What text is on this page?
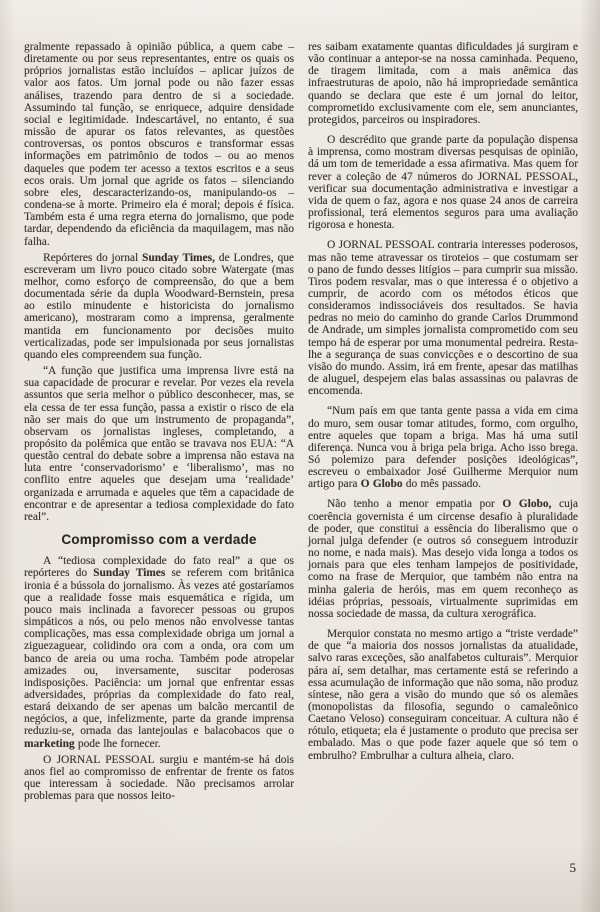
gralmente repassado à opinião pública, a quem cabe – diretamente ou por seus representantes, entre os quais os próprios jornalistas estão incluídos – aplicar juízos de valor aos fatos. Um jornal pode ou não fazer essas análises, trazendo para dentro de si a sociedade. Assumindo tal função, se enriquece, adquire densidade social e legitimidade. Indescartável, no entanto, é sua missão de apurar os fatos relevantes, as questões controversas, os pontos obscuros e transformar essas informações em patrimônio de todos – ou ao menos daqueles que podem ter acesso a textos escritos e a seus ecos orais. Um jornal que agride os fatos – silenciando sobre eles, descaracterizando-os, manipulando-os – condena-se à morte. Primeiro ela é moral; depois é física. Também esta é uma regra eterna do jornalismo, que pode tardar, dependendo da eficiência da maquilagem, mas não falha.

Repórteres do jornal Sunday Times, de Londres, que escreveram um livro pouco citado sobre Watergate (mas melhor, como esforço de compreensão, do que a bem documentada série da dupla Woodward-Bernstein, presa ao estilo minudente e historicista do jornalismo americano), mostraram como a imprensa, geralmente mantida em funcionamento por decisões muito verticalizadas, pode ser impulsionada por seus jornalistas quando eles compreendem sua função.

“A função que justifica uma imprensa livre está na sua capacidade de procurar e revelar. Por vezes ela revela assuntos que seria melhor o público desconhecer, mas, se ela cessa de ter essa função, passa a existir o risco de ela não ser mais do que um instrumento de propaganda”, observam os jornalistas ingleses, completando, a propósito da polêmica que então se travava nos EUA: “A questão central do debate sobre a imprensa não estava na luta entre ‘conservadorismo’ e ‘liberalismo’, mas no conflito entre aqueles que desejam uma ‘realidade’ organizada e arrumada e aqueles que têm a capacidade de encontrar e de apresentar a tediosa complexidade do fato real”.

Compromisso com a verdade

A “tediosa complexidade do fato real” a que os repórteres do Sunday Times se referem com britânica ironia é a bússola do jornalismo. Às vezes até gostaríamos que a realidade fosse mais esquemática e rígida, um pouco mais inclinada a favorecer pessoas ou grupos simpáticos a nós, ou pelo menos não envolvesse tantas complicações, mas essa complexidade obriga um jornal a ziguezaguear, colidindo ora com a onda, ora com um banco de areia ou uma rocha. Também pode atropelar amizades ou, inversamente, suscitar poderosas indisposições. Paciência: um jornal que enfrentar essas adversidades, próprias da complexidade do fato real, estará deixando de ser apenas um balcão mercantil de negócios, a que, infelizmente, parte da grande imprensa reduziu-se, ornada das lantejoulas e balacobacos que o marketing pode lhe fornecer.

O JORNAL PESSOAL surgiu e mantém-se há dois anos fiel ao compromisso de enfrentar de frente os fatos que interessam à sociedade. Não precisamos arrolar problemas para que nossos leito-

res saibam exatamente quantas dificuldades já surgiram e vão continuar a antepor-se na nossa caminhada. Pequeno, de tiragem limitada, com a mais anêmica das infraestruturas de apoio, não há impropriedade semântica quando se declara que este é um jornal do leitor, comprometido exclusivamente com ele, sem anunciantes, protegidos, parceiros ou inspiradores.

O descrédito que grande parte da população dispensa à imprensa, como mostram diversas pesquisas de opinião, dá um tom de temeridade a essa afirmativa. Mas quem for rever a coleção de 47 números do JORNAL PESSOAL, verificar sua documentação administrativa e investigar a vida de quem o faz, agora e nos quase 24 anos de carreira profissional, terá elementos seguros para uma avaliação rigorosa e honesta.

O JORNAL PESSOAL contraria interesses poderosos, mas não teme atravessar os tiroteios – que costumam ser o pano de fundo desses litígios – para cumprir sua missão. Tiros podem resvalar, mas o que interessa é o objetivo a cumprir, de acordo com os métodos éticos que consideramos indissociáveis dos resultados. Se havia pedras no meio do caminho do grande Carlos Drummond de Andrade, um simples jornalista comprometido com seu tempo há de esperar por uma monumental pedreira. Resta-lhe a segurança de suas convicções e o descortino de sua visão do mundo. Assim, irá em frente, apesar das matilhas de aluguel, despejem elas balas assassinas ou palavras de encomenda.

“Num país em que tanta gente passa a vida em cima do muro, sem ousar tomar atitudes, formo, com orgulho, entre aqueles que topam a briga. Mas há uma sutil diferença. Nunca vou à briga pela briga. Acho isso brega. Só polemizo para defender posições ideológicas”, escreveu o embaixador José Guilherme Merquior num artigo para O Globo do mês passado.

Não tenho a menor empatia por O Globo, cuja coerência governista é um circense desafio à pluralidade de poder, que constitui a essência do liberalismo que o jornal julga defender (e outros só conseguem introduzir no nome, e nada mais). Mas desejo vida longa a todos os jornais para que eles tenham lampejos de positividade, como na frase de Merquior, que também não entra na minha galeria de heróis, mas em quem reconheço as idéias próprias, pessoais, virtualmente suprimidas em nossa sociedade de massa, da cultura xerográfica.

Merquior constata no mesmo artigo a “triste verdade” de que “a maioria dos nossos jornalistas da atualidade, salvo raras exceções, são analfabetos culturais”. Merquior pára aí, sem detalhar, mas certamente está se referindo a essa acumulação de informação que não soma, não produz síntese, não gera a visão do mundo que só os alemães (monopolistas da filosofia, segundo o camaleônico Caetano Veloso) conseguiram conceituar. A cultura não é rótulo, etiqueta; ela é justamente o produto que precisa ser embalado. Mas o que pode fazer aquele que só tem o embrulho? Embrulhar a cultura alheia, claro.

5
